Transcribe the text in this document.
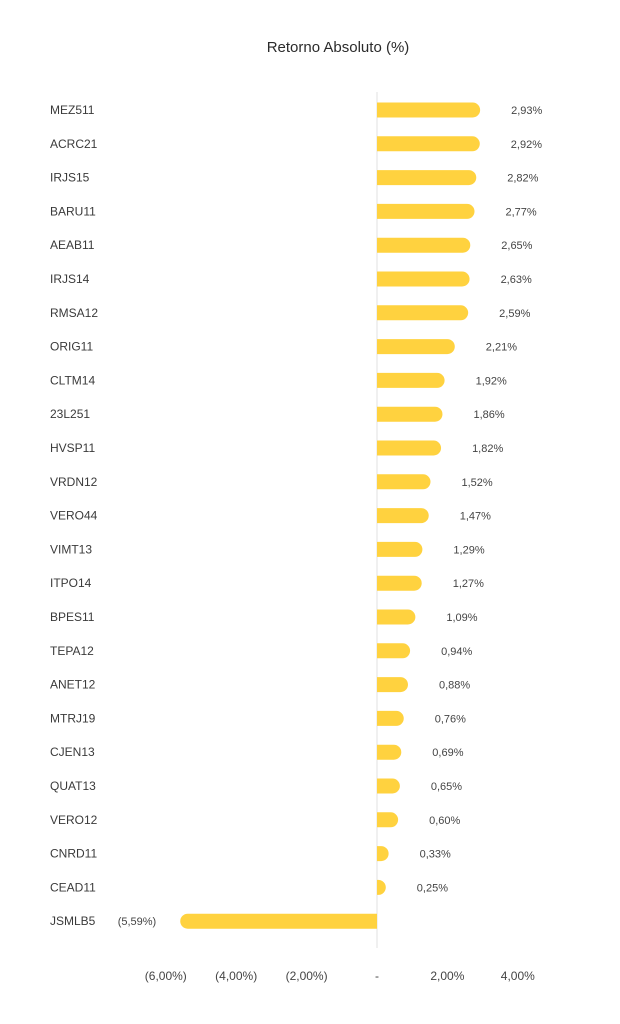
Retorno Absoluto (%)
MEZ511	2,93%
ACRC21	2,92%
IRJS15	2,82%
BARU11	2,77%
AEAB11	2,65%
IRJS14	2,63%
RMSA12	2,59%
ORIG11	2,21%
CLTM14	1,92%
23L251	1,86%
HVSP11	1,82%
VRDN12	1,52%
VERO44	1,47%
VIMT13	1,29%
ITPO14	1,27%
BPES11	1,09%
TEPA12	0,94%
ANET12	0,88%
MTRJ19	0,76%
CJEN13	0,69%
QUAT13	0,65%
VERO12	0,60%
CNRD11	0,33%
CEAD11	0,25%
JSMLB5 (5,59%)
(6,00%) (4,00%) (2,00%)	-	2,00%	4,00%
